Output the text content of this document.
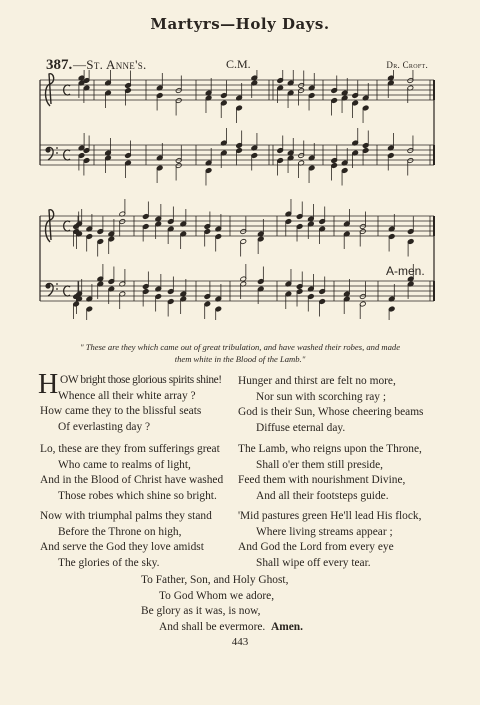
Martyrs—Holy Days.
387. —St. Anne's.	C.M.	Dr. Croft.
A-men.
" These are they which came out of great tribulation, and have washed their robes, and made
them white in the Blood of the Lamb."
H OW bright those glorious spirits shine!
Whence all their white array ?
How came they to the blissful seats
Of everlasting day ?
Lo, these are they from sufferings great
Who came to realms of light,
And in the Blood of Christ have washed
Those robes which shine so bright.
Now with triumphal palms they stand
Before the Throne on high,
And serve the God they love amidst
The glories of the sky.
Hunger and thirst are felt no more,
Nor sun with scorching ray ;
God is their Sun, Whose cheering beams
Diffuse eternal day.
The Lamb, who reigns upon the Throne,
Shall o'er them still preside,
Feed them with nourishment Divine,
And all their footsteps guide.
'Mid pastures green He'll lead His flock,
Where living streams appear ;
And God the Lord from every eye
Shall wipe off every tear.
To Father, Son, and Holy Ghost,
To God Whom we adore,
Be glory as it was, is now,
And shall be evermore. Amen.
443
